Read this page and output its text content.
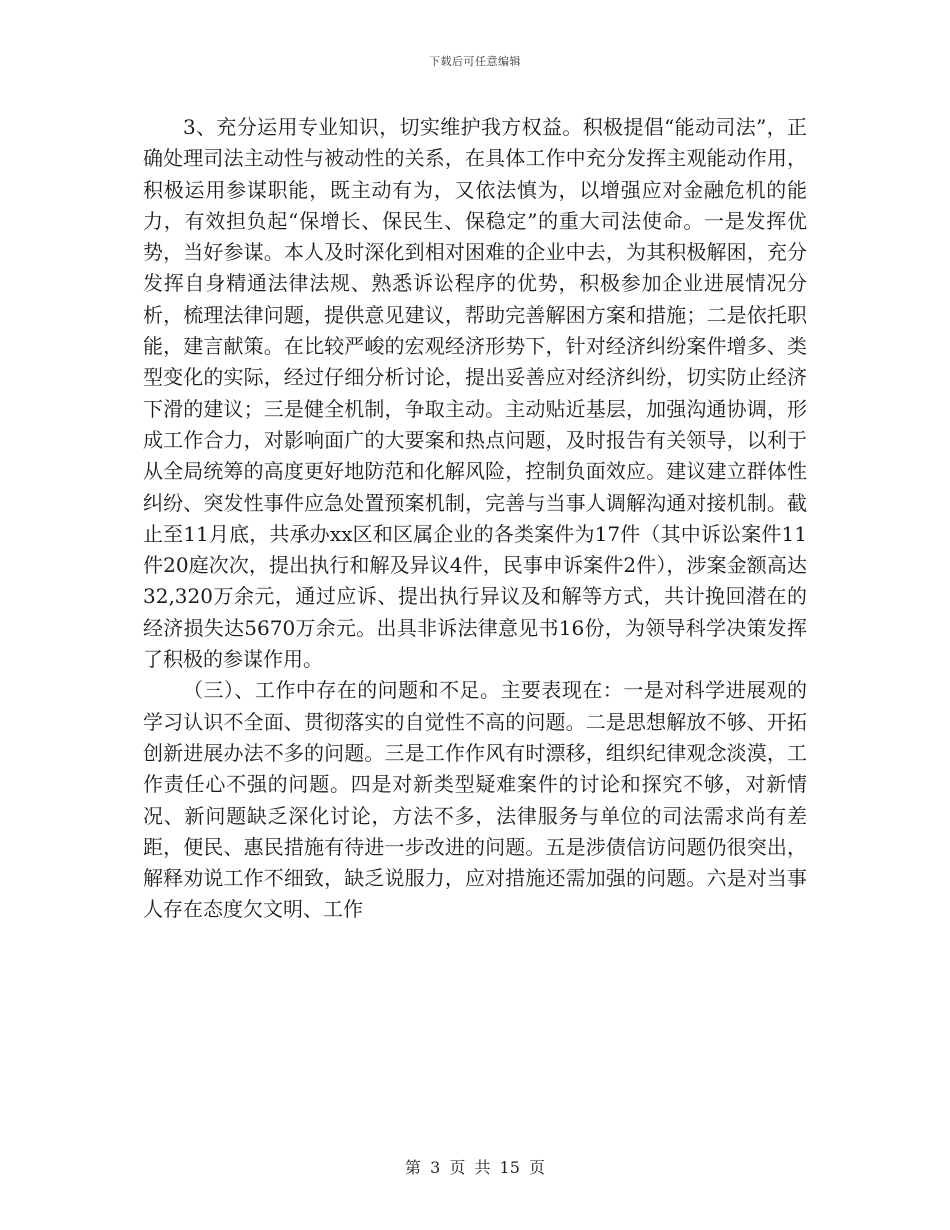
下载后可任意编辑

3、充分运用专业知识，切实维护我方权益。积极提倡“能动司法”，正确处理司法主动性与被动性的关系，在具体工作中充分发挥主观能动作用，积极运用参谋职能，既主动有为，又依法慎为，以增强应对金融危机的能力，有效担负起“保增长、保民生、保稳定”的重大司法使命。一是发挥优势，当好参谋。本人及时深化到相对困难的企业中去，为其积极解困，充分发挥自身精通法律法规、熟悉诉讼程序的优势，积极参加企业进展情况分析，梳理法律问题，提供意见建议，帮助完善解困方案和措施；二是依托职能，建言献策。在比较严峻的宏观经济形势下，针对经济纠纷案件增多、类型变化的实际，经过仔细分析讨论，提出妥善应对经济纠纷，切实防止经济下滑的建议；三是健全机制，争取主动。主动贴近基层，加强沟通协调，形成工作合力，对影响面广的大要案和热点问题，及时报告有关领导，以利于从全局统筹的高度更好地防范和化解风险，控制负面效应。建议建立群体性纠纷、突发性事件应急处置预案机制，完善与当事人调解沟通对接机制。截止至11月底，共承办xx区和区属企业的各类案件为17件（其中诉讼案件11件20庭次次，提出执行和解及异议4件，民事申诉案件2件），涉案金额高达32,320万余元，通过应诉、提出执行异议及和解等方式，共计挽回潜在的经济损失达5670万余元。出具非诉法律意见书16份，为领导科学决策发挥了积极的参谋作用。

（三）、工作中存在的问题和不足。主要表现在：一是对科学进展观的学习认识不全面、贯彻落实的自觉性不高的问题。二是思想解放不够、开拓创新进展办法不多的问题。三是工作作风有时漂移，组织纪律观念淡漠，工作责任心不强的问题。四是对新类型疑难案件的讨论和探究不够，对新情况、新问题缺乏深化讨论，方法不多，法律服务与单位的司法需求尚有差距，便民、惠民措施有待进一步改进的问题。五是涉债信访问题仍很突出，解释劝说工作不细致，缺乏说服力，应对措施还需加强的问题。六是对当事人存在态度欠文明、工作

第 3 页 共 15 页
